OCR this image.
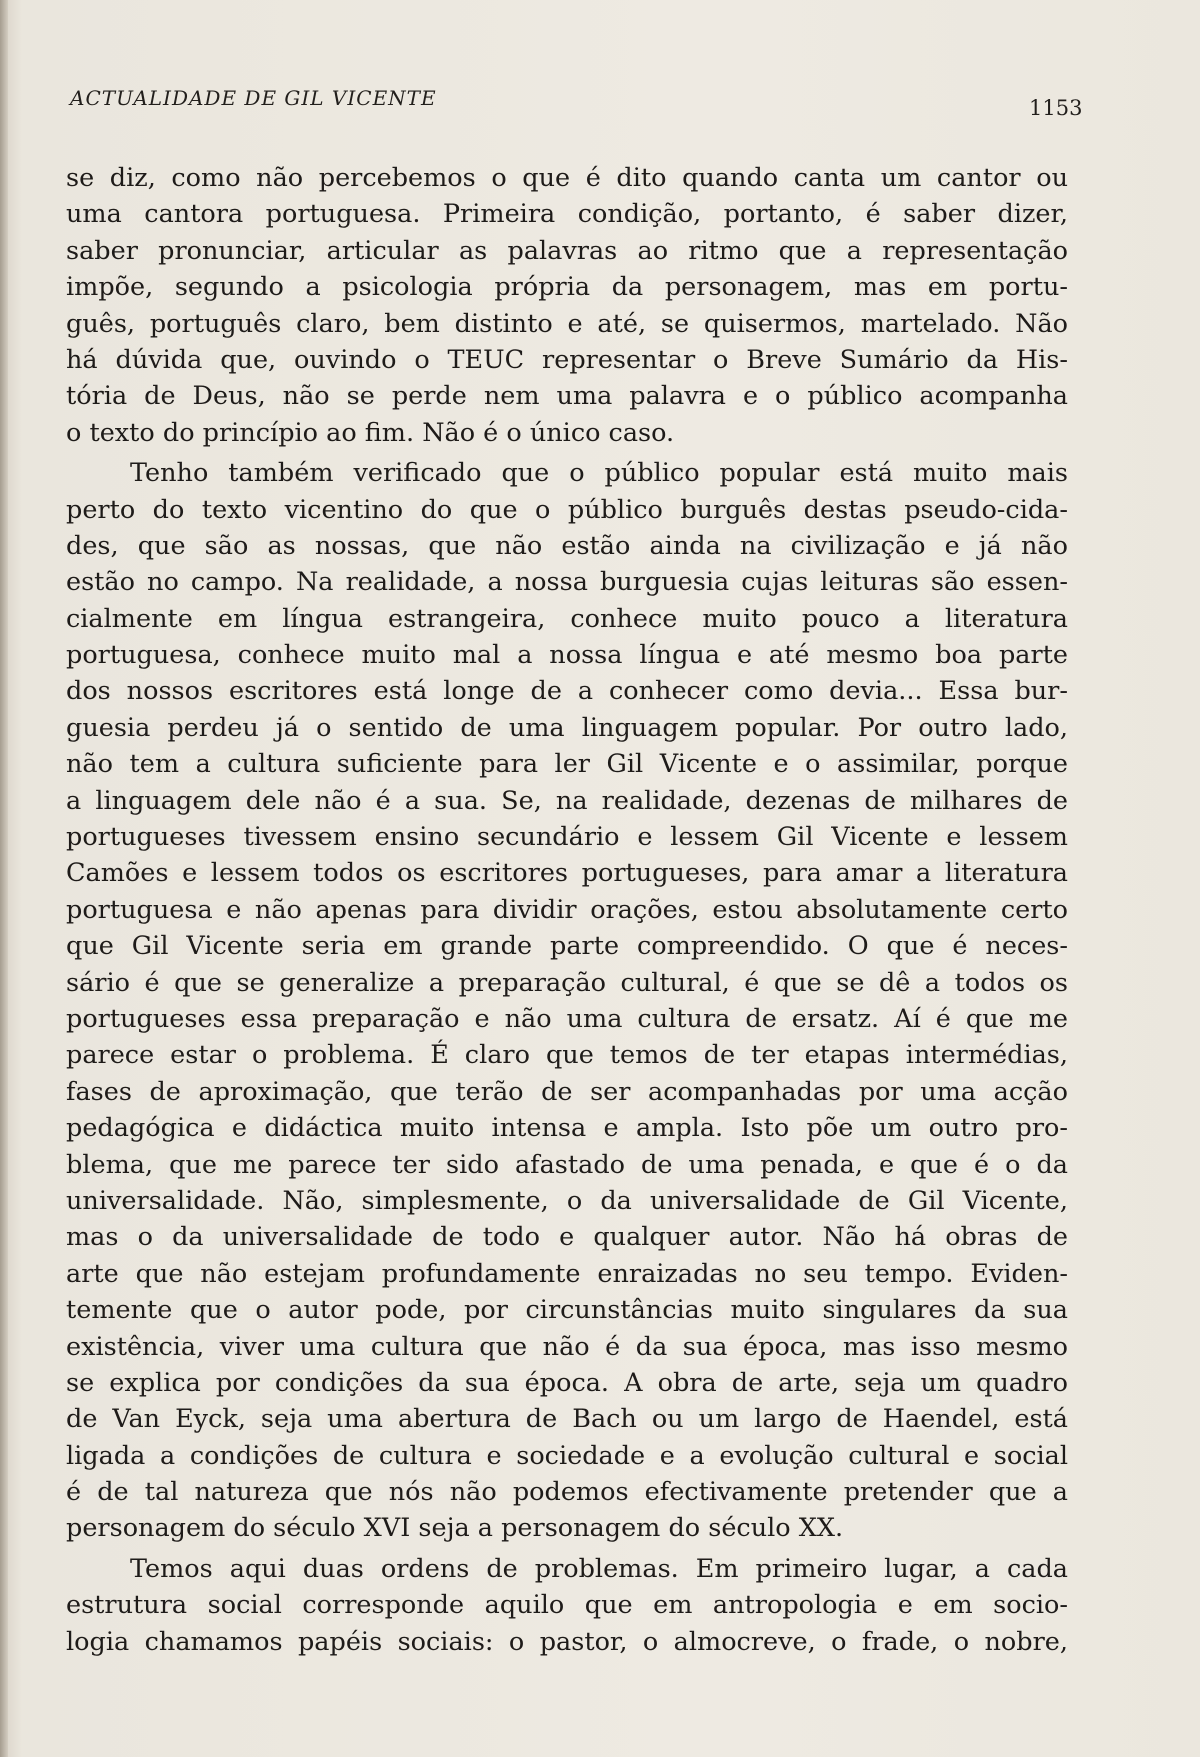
ACTUALIDADE DE GIL VICENTE	1153
se diz, como não percebemos o que é dito quando canta um cantor ou
uma cantora portuguesa. Primeira condição, portanto, é saber dizer,
saber pronunciar, articular as palavras ao ritmo que a representação
impõe, segundo a psicologia própria da personagem, mas em portu-
guês, português claro, bem distinto e até, se quisermos, martelado. Não
há dúvida que, ouvindo o TEUC representar o Breve Sumário da His-
tória de Deus, não se perde nem uma palavra e o público acompanha
o texto do princípio ao fim. Não é o único caso.
Tenho também verificado que o público popular está muito mais
perto do texto vicentino do que o público burguês destas pseudo-cida-
des, que são as nossas, que não estão ainda na civilização e já não
estão no campo. Na realidade, a nossa burguesia cujas leituras são essen-
cialmente em língua estrangeira, conhece muito pouco a literatura
portuguesa, conhece muito mal a nossa língua e até mesmo boa parte
dos nossos escritores está longe de a conhecer como devia... Essa bur-
guesia perdeu já o sentido de uma linguagem popular. Por outro lado,
não tem a cultura suficiente para ler Gil Vicente e o assimilar, porque
a linguagem dele não é a sua. Se, na realidade, dezenas de milhares de
portugueses tivessem ensino secundário e lessem Gil Vicente e lessem
Camões e lessem todos os escritores portugueses, para amar a literatura
portuguesa e não apenas para dividir orações, estou absolutamente certo
que Gil Vicente seria em grande parte compreendido. O que é neces-
sário é que se generalize a preparação cultural, é que se dê a todos os
portugueses essa preparação e não uma cultura de ersatz. Aí é que me
parece estar o problema. É claro que temos de ter etapas intermédias,
fases de aproximação, que terão de ser acompanhadas por uma acção
pedagógica e didáctica muito intensa e ampla. Isto põe um outro pro-
blema, que me parece ter sido afastado de uma penada, e que é o da
universalidade. Não, simplesmente, o da universalidade de Gil Vicente,
mas o da universalidade de todo e qualquer autor. Não há obras de
arte que não estejam profundamente enraizadas no seu tempo. Eviden-
temente que o autor pode, por circunstâncias muito singulares da sua
existência, viver uma cultura que não é da sua época, mas isso mesmo
se explica por condições da sua época. A obra de arte, seja um quadro
de Van Eyck, seja uma abertura de Bach ou um largo de Haendel, está
ligada a condições de cultura e sociedade e a evolução cultural e social
é de tal natureza que nós não podemos efectivamente pretender que a
personagem do século XVI seja a personagem do século XX.
Temos aqui duas ordens de problemas. Em primeiro lugar, a cada
estrutura social corresponde aquilo que em antropologia e em socio-
logia chamamos papéis sociais: o pastor, o almocreve, o frade, o nobre,
